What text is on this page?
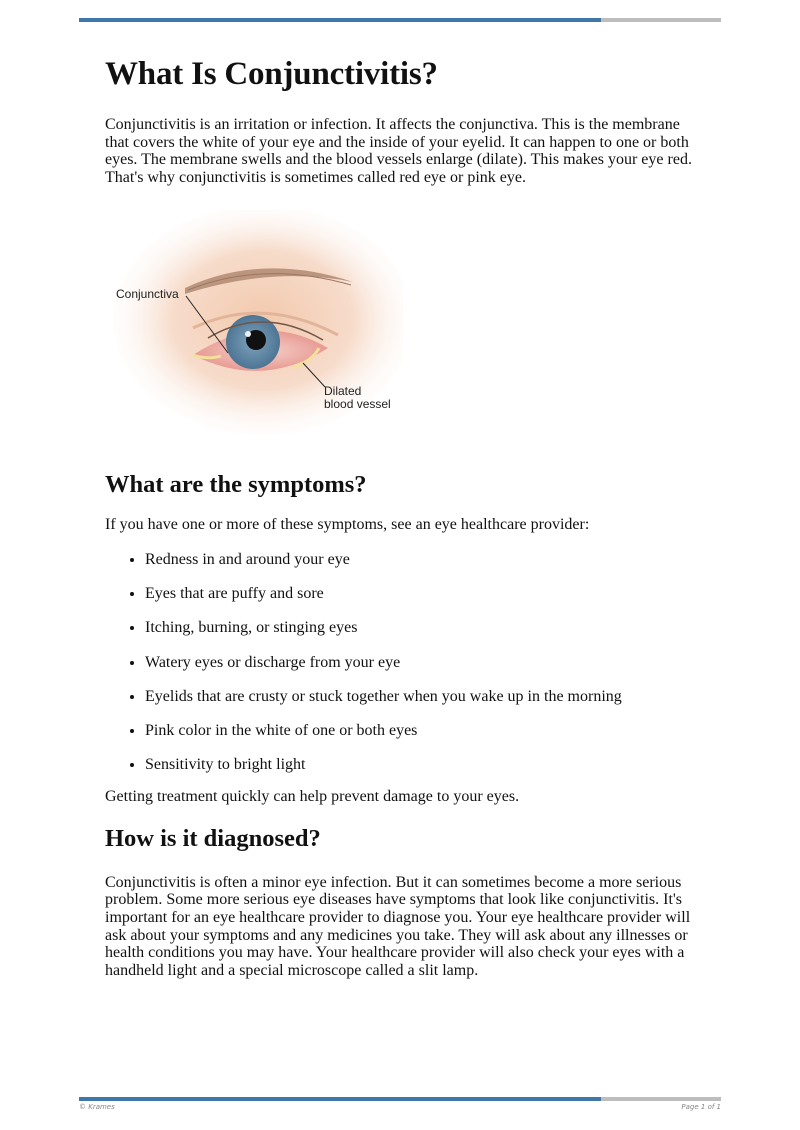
What Is Conjunctivitis?

Conjunctivitis is an irritation or infection. It affects the conjunctiva. This is the membrane that covers the white of your eye and the inside of your eyelid. It can happen to one or both eyes. The membrane swells and the blood vessels enlarge (dilate). This makes your eye red. That's why conjunctivitis is sometimes called red eye or pink eye.

Conjunctiva
Dilated
blood vessel
What are the symptoms?

If you have one or more of these symptoms, see an eye healthcare provider:

• Redness in and around your eye
• Eyes that are puffy and sore
• Itching, burning, or stinging eyes
• Watery eyes or discharge from your eye
• Eyelids that are crusty or stuck together when you wake up in the morning
• Pink color in the white of one or both eyes
• Sensitivity to bright light

Getting treatment quickly can help prevent damage to your eyes.

How is it diagnosed?

Conjunctivitis is often a minor eye infection. But it can sometimes become a more serious problem. Some more serious eye diseases have symptoms that look like conjunctivitis. It's important for an eye healthcare provider to diagnose you. Your eye healthcare provider will ask about your symptoms and any medicines you take. They will ask about any illnesses or health conditions you may have. Your healthcare provider will also check your eyes with a handheld light and a special microscope called a slit lamp.

© Krames	Page 1 of 1
